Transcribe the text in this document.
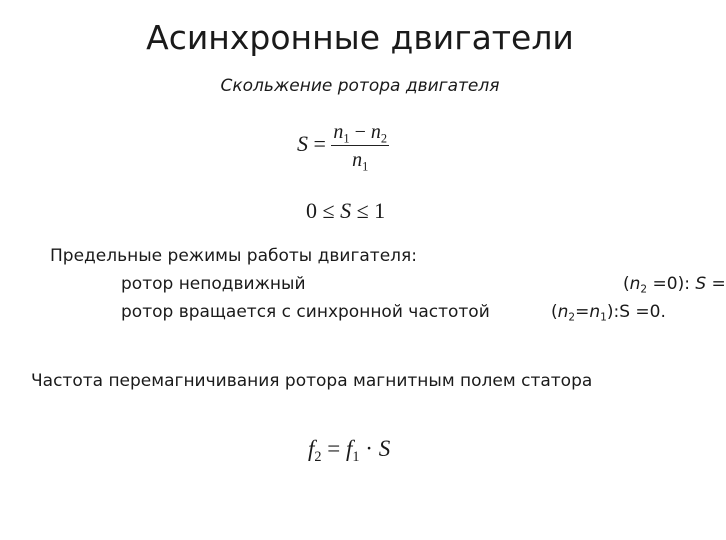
Асинхронные двигатели
Скольжение ротора двигателя
$S = \frac{n_1 - n_2}{n_1}$
0 ≤ S ≤ 1
Предельные режимы работы двигателя:
ротор неподвижный	$(n_2 =0)$: S =
ротор вращается с синхронной частотой	$(n_2=n_1):S =0$.
Частота перемагничивания ротора магнитным полем статора
$f_2 = f_1 \cdot S$
